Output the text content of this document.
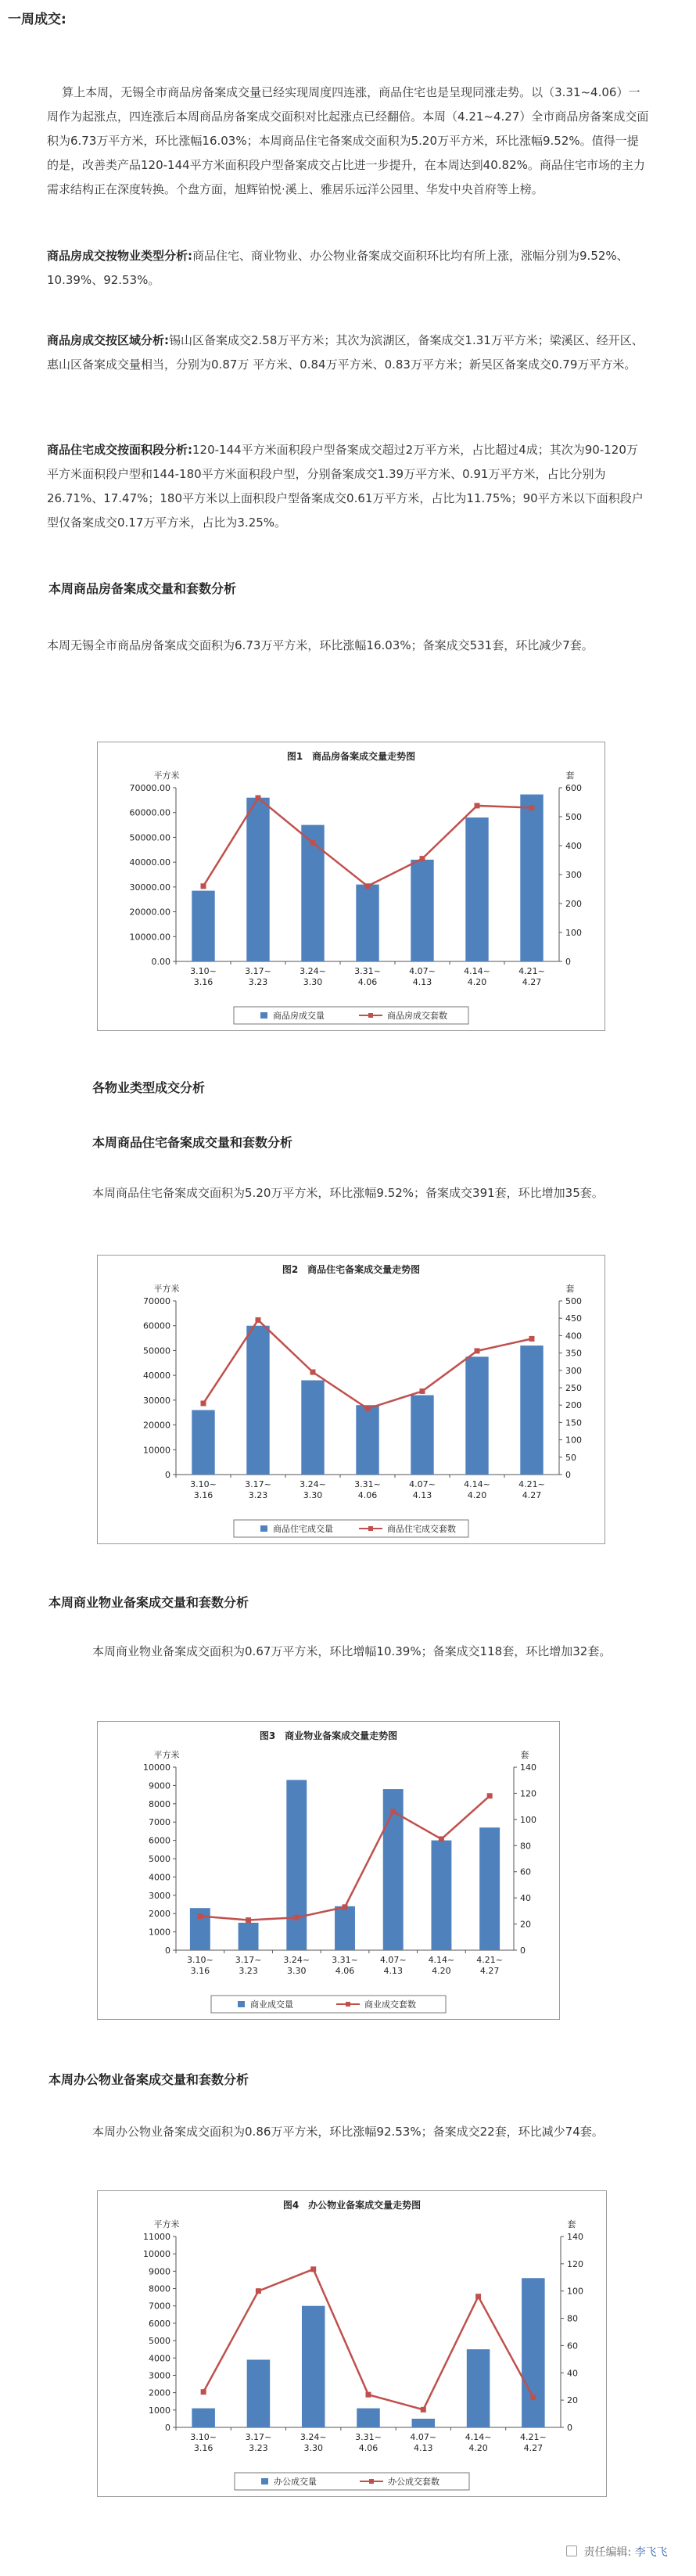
一周成交:

算上本周，无锡全市商品房备案成交量已经实现周度四连涨，商品住宅也是呈现同涨走势。以（3.31~4.06）一周作为起涨点，四连涨后本周商品房备案成交面积对比起涨点已经翻倍。本周（4.21~4.27）全市商品房备案成交面积为6.73万平方米，环比涨幅16.03%；本周商品住宅备案成交面积为5.20万平方米，环比涨幅9.52%。值得一提的是，改善类产品120-144平方米面积段户型备案成交占比进一步提升，在本周达到40.82%。商品住宅市场的主力需求结构正在深度转换。个盘方面，旭辉铂悦·溪上、雅居乐远洋公园里、华发中央首府等上榜。

商品房成交按物业类型分析:商品住宅、商业物业、办公物业备案成交面积环比均有所上涨，涨幅分别为9.52%、10.39%、92.53%。

商品房成交按区域分析:锡山区备案成交2.58万平方米；其次为滨湖区，备案成交1.31万平方米；梁溪区、经开区、惠山区备案成交量相当，分别为0.87万 平方米、0.84万平方米、0.83万平方米；新吴区备案成交0.79万平方米。

商品住宅成交按面积段分析:120-144平方米面积段户型备案成交超过2万平方米，占比超过4成；其次为90-120万平方米面积段户型和144-180平方米面积段户型，分别备案成交1.39万平方米、0.91万平方米，占比分别为26.71%、17.47%；180平方米以上面积段户型备案成交0.61万平方米，占比为11.75%；90平方米以下面积段户型仅备案成交0.17万平方米，占比为3.25%。

本周商品房备案成交量和套数分析

本周无锡全市商品房备案成交面积为6.73万平方米，环比涨幅16.03%；备案成交531套，环比减少7套。

图1　商品房备案成交量走势图
平方米	套
0.00
10000.00
20000.00
30000.00
40000.00
50000.00
60000.00
70000.00
0
100
200
300
400
500
600
3.10~
3.16
3.17~
3.23
3.24~
3.30
3.31~
4.06
4.07~
4.13
4.14~
4.20
4.21~
4.27
商品房成交量	商品房成交套数
各物业类型成交分析
本周商品住宅备案成交量和套数分析

本周商品住宅备案成交面积为5.20万平方米，环比涨幅9.52%；备案成交391套，环比增加35套。

图2　商品住宅备案成交量走势图
平方米	套
0
10000
20000
30000
40000
50000
60000
70000
0
50
100
150
200
250
300
350
400
450
500
3.10~
3.16
3.17~
3.23
3.24~
3.30
3.31~
4.06
4.07~
4.13
4.14~
4.20
4.21~
4.27
商品住宅成交量	商品住宅成交套数
本周商业物业备案成交量和套数分析

本周商业物业备案成交面积为0.67万平方米，环比增幅10.39%；备案成交118套，环比增加32套。

图3　商业物业备案成交量走势图
平方米	套
0
1000
2000
3000
4000
5000
6000
7000
8000
9000
10000
0
20
40
60
80
100
120
140
3.10~
3.16
3.17~
3.23
3.24~
3.30
3.31~
4.06
4.07~
4.13
4.14~
4.20
4.21~
4.27
商业成交量	商业成交套数
本周办公物业备案成交量和套数分析

本周办公物业备案成交面积为0.86万平方米，环比涨幅92.53%；备案成交22套，环比减少74套。

图4　办公物业备案成交量走势图
平方米	套
0
1000
2000
3000
4000
5000
6000
7000
8000
9000
10000
11000
0
20
40
60
80
100
120
140
3.10~
3.16
3.17~
3.23
3.24~
3.30
3.31~
4.06
4.07~
4.13
4.14~
4.20
4.21~
4.27
办公成交量	办公成交套数
责任编辑: 李飞飞
